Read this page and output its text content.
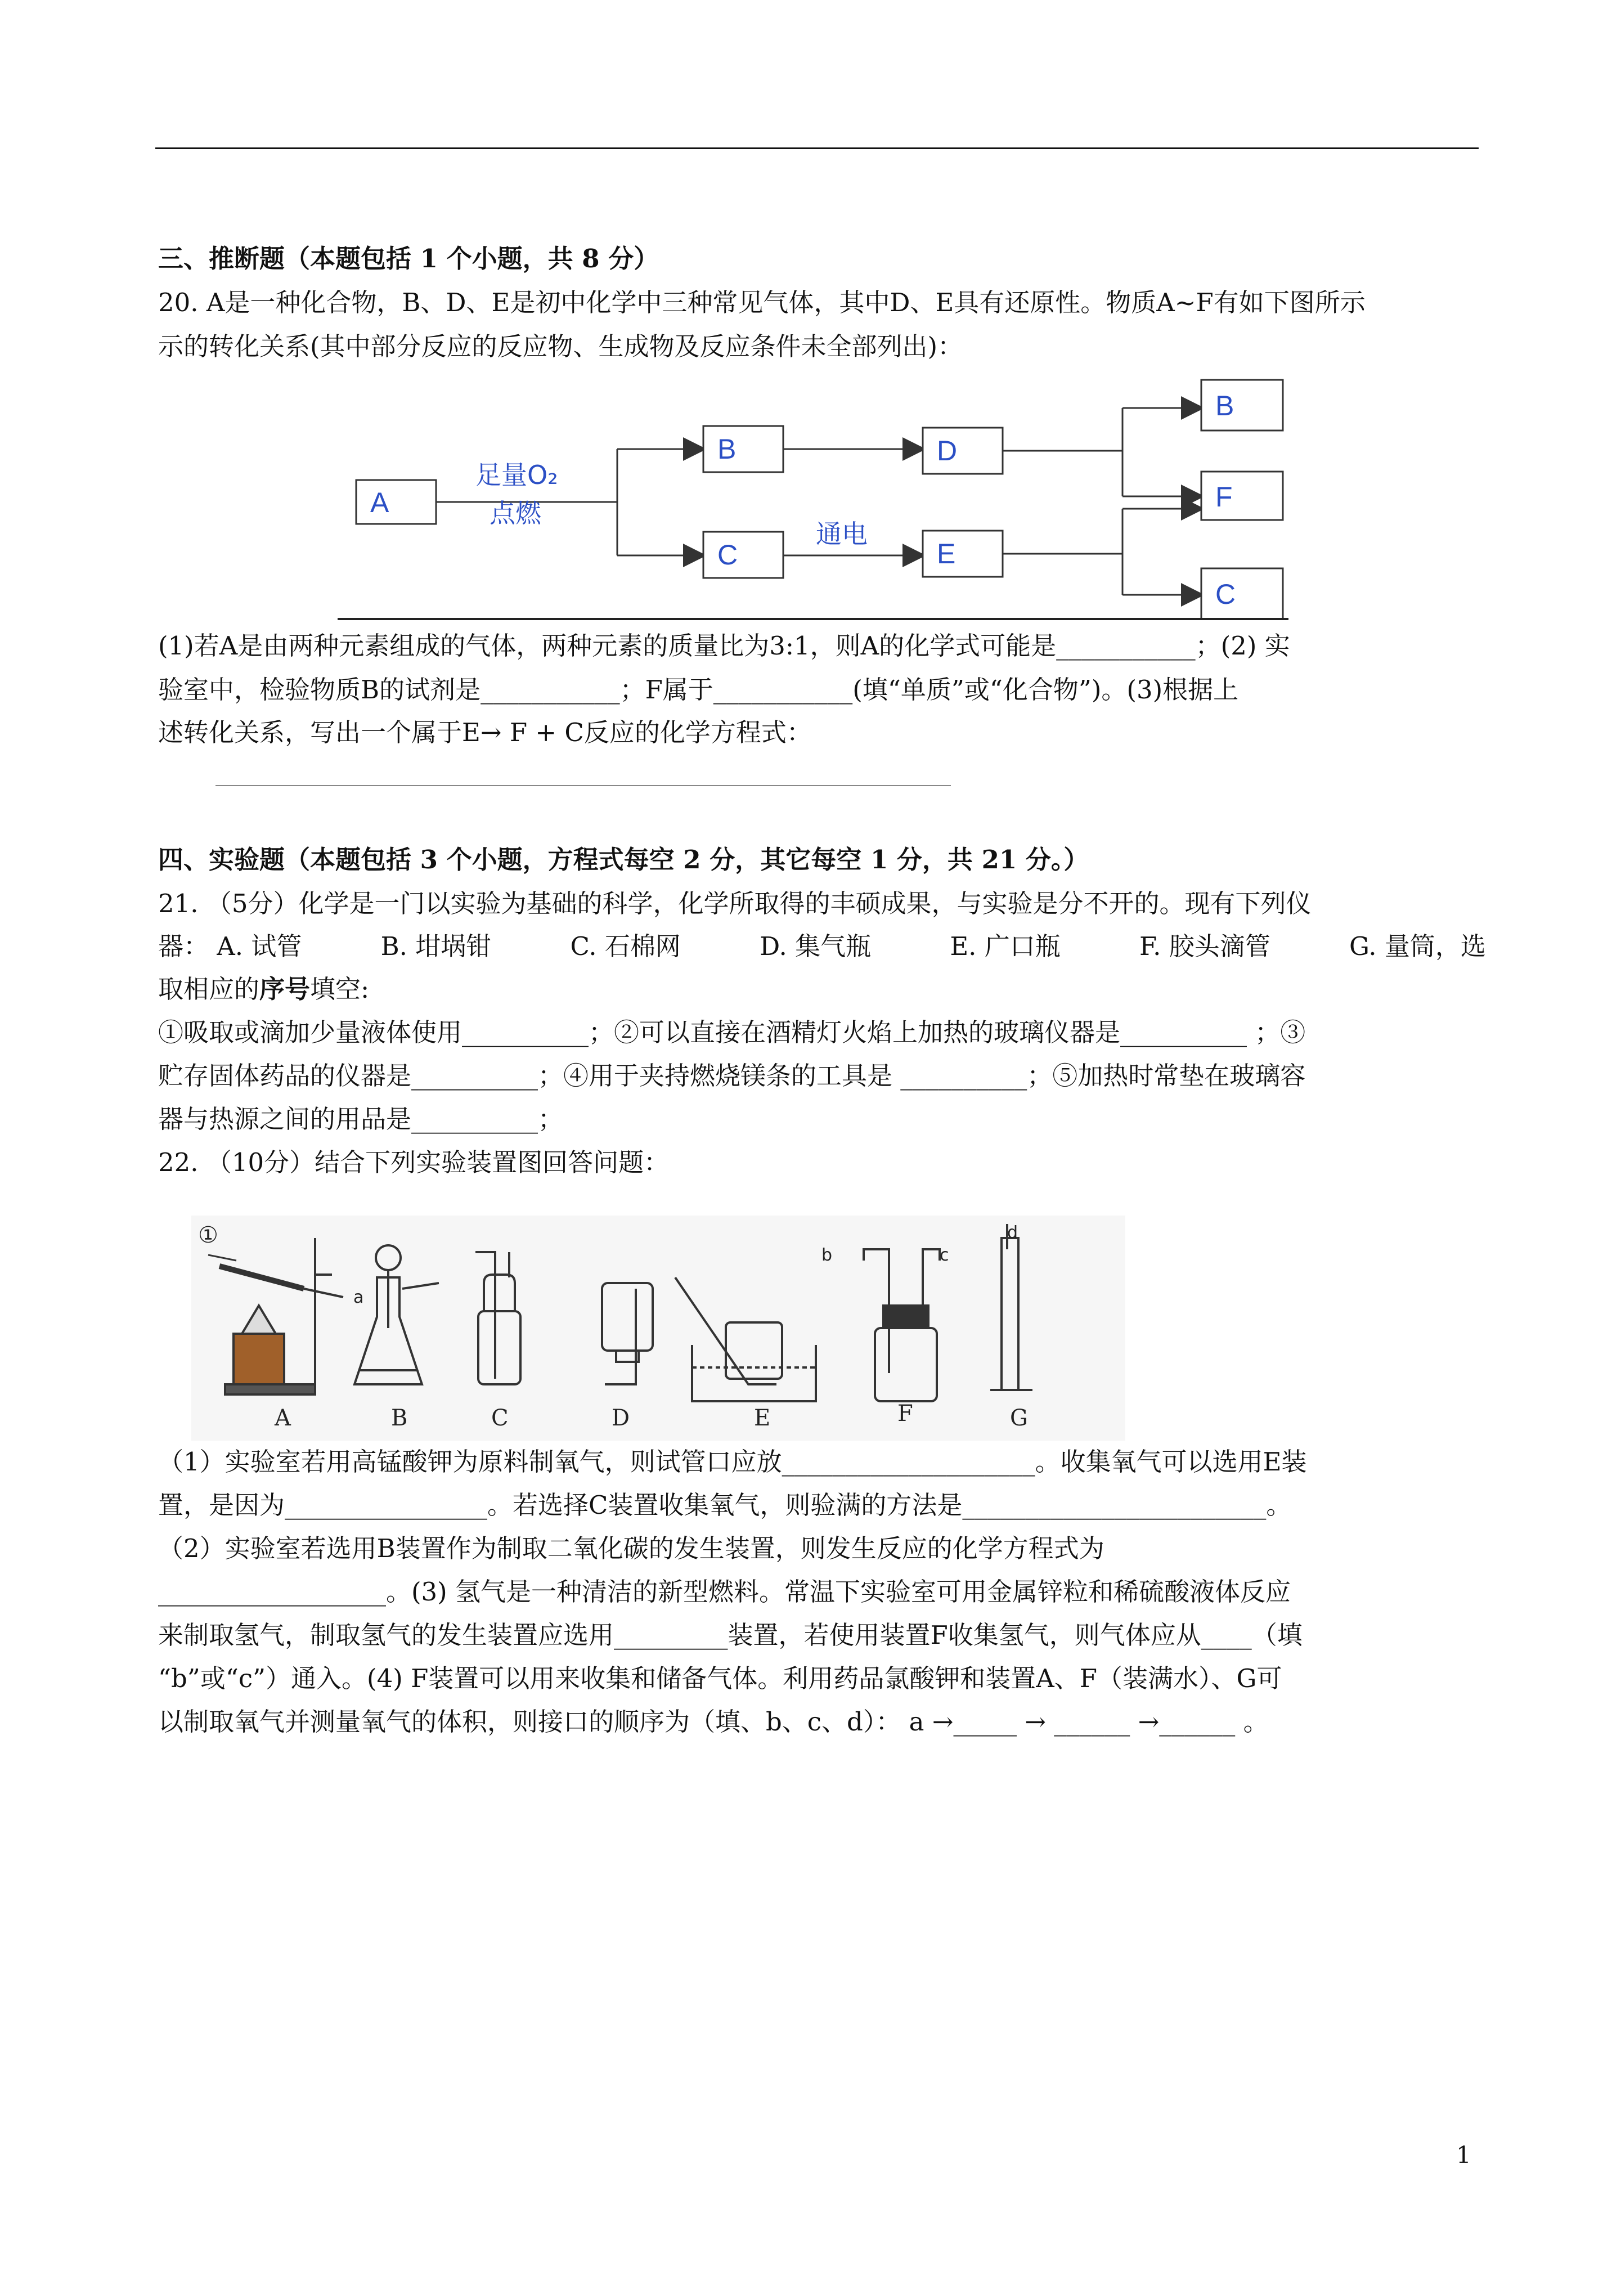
三、推断题（本题包括 1 个小题，共 8 分）
20. A是一种化合物，B、D、E是初中化学中三种常见气体，其中D、E具有还原性。物质A~F有如下图所示
示的转化关系(其中部分反应的反应物、生成物及反应条件未全部列出)：
A
足量O₂
点燃
B
C
通电
D
E
B
F
C
(1)若A是由两种元素组成的气体，两种元素的质量比为3:1，则A的化学式可能是___________；(2) 实
验室中，检验物质B的试剂是___________；F属于___________(填“单质”或“化合物”)。(3)根据上
述转化关系，写出一个属于E→ F + C反应的化学方程式：
四、实验题（本题包括 3 个小题，方程式每空 2 分，其它每空 1 分，共 21 分。）
21. （5分）化学是一门以实验为基础的科学，化学所取得的丰硕成果，与实验是分不开的。现有下列仪
器： A. 试管	B. 坩埚钳	C. 石棉网	D. 集气瓶	E. 广口瓶	F. 胶头滴管	G. 量筒，选
取相应的序号填空:
①吸取或滴加少量液体使用__________；②可以直接在酒精灯火焰上加热的玻璃仪器是__________ ；③
贮存固体药品的仪器是__________；④用于夹持燃烧镁条的工具是 __________；⑤加热时常垫在玻璃容
器与热源之间的用品是__________；
22. （10分）结合下列实验装置图回答问题：
①
a
b	c
d
A	B	C	D	E	F	G
（1）实验室若用高锰酸钾为原料制氧气，则试管口应放____________________。收集氧气可以选用E装
置，是因为________________。若选择C装置收集氧气，则验满的方法是________________________。
（2）实验室若选用B装置作为制取二氧化碳的发生装置，则发生反应的化学方程式为
__________________。(3) 氢气是一种清洁的新型燃料。常温下实验室可用金属锌粒和稀硫酸液体反应
来制取氢气，制取氢气的发生装置应选用_________装置，若使用装置F收集氢气，则气体应从____（填
“b”或“c”）通入。(4) F装置可以用来收集和储备气体。利用药品氯酸钾和装置A、F（装满水）、G可
以制取氧气并测量氧气的体积，则接口的顺序为（填、b、c、d）： a →_____ → ______ →______ 。
1
